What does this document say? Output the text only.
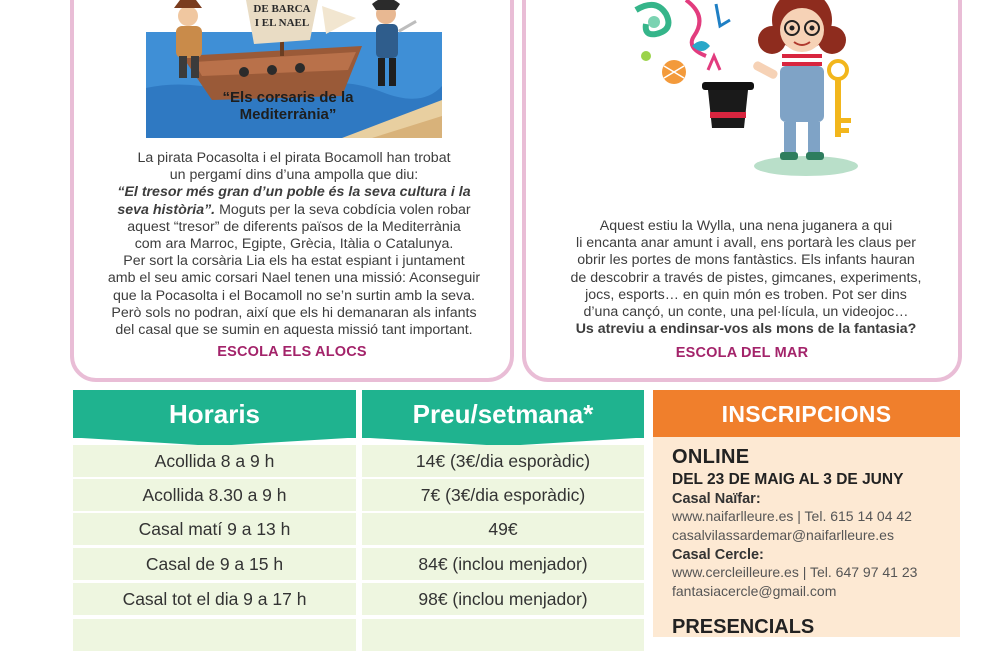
DE BARCA
I EL NAEL
“Els corsaris de la
Mediterrània”

La pirata Pocasolta i el pirata Bocamoll han trobat

un pergamí dins d’una ampolla que diu:

“El tresor més gran d’un poble és la seva cultura i la

seva història”. Moguts per la seva cobdícia volen robar

aquest “tresor” de diferents països de la Mediterrània

com ara Marroc, Egipte, Grècia, Itàlia o Catalunya.

Per sort la corsària Lia els ha estat espiant i juntament

amb el seu amic corsari Nael tenen una missió: Aconseguir

que la Pocasolta i el Bocamoll no se’n surtin amb la seva.

Però sols no podran, així que els hi demanaran als infants

del casal que se sumin en aquesta missió tant important.

ESCOLA ELS ALOCS

Aquest estiu la Wylla, una nena juganera a qui

li encanta anar amunt i avall, ens portarà les claus per

obrir les portes de mons fantàstics. Els infants hauran

de descobrir a través de pistes, gimcanes, experiments,

jocs, esports… en quin món es troben. Pot ser dins

d’una cançó, un conte, una pel·lícula, un videojoc…

Us atreviu a endinsar-vos als mons de la fantasia?

ESCOLA DEL MAR
Horaris	Preu/setmana*
Acollida 8 a 9 h	14€ (3€/dia esporàdic)
Acollida 8.30 a 9 h	7€ (3€/dia esporàdic)
Casal matí 9 a 13 h	49€
Casal de 9 a 15 h	84€ (inclou menjador)
Casal tot el dia 9 a 17 h	98€ (inclou menjador)
INSCRIPCIONS
ONLINE
DEL 23 DE MAIG AL 3 DE JUNY
Casal Naïfar:
www.naifarlleure.es | Tel. 615 14 04 42
casalvilassardemar@naifarlleure.es
Casal Cercle:
www.cercleilleure.es | Tel. 647 97 41 23
fantasiacercle@gmail.com
PRESENCIALS
